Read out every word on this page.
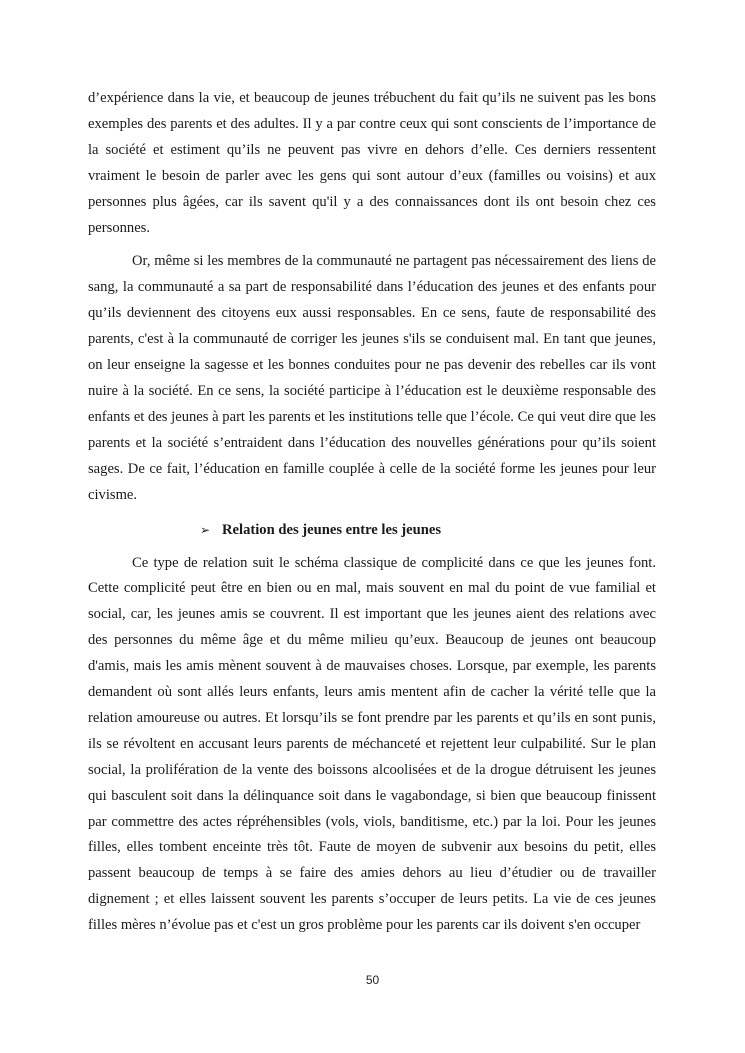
d’expérience dans la vie, et beaucoup de jeunes trébuchent du fait qu’ils ne suivent pas les bons exemples des parents et des adultes. Il y a par contre ceux qui sont conscients de l’importance de la société et estiment qu’ils ne peuvent pas vivre en dehors d’elle. Ces derniers ressentent vraiment le besoin de parler avec les gens qui sont autour d’eux (familles ou voisins) et aux personnes plus âgées, car ils savent qu'il y a des connaissances dont ils ont besoin chez ces personnes.

Or, même si les membres de la communauté ne partagent pas nécessairement des liens de sang, la communauté a sa part de responsabilité dans l’éducation des jeunes et des enfants pour qu’ils deviennent des citoyens eux aussi responsables. En ce sens, faute de responsabilité des parents, c'est à la communauté de corriger les jeunes s'ils se conduisent mal. En tant que jeunes, on leur enseigne la sagesse et les bonnes conduites pour ne pas devenir des rebelles car ils vont nuire à la société. En ce sens, la société participe à l’éducation est le deuxième responsable des enfants et des jeunes à part les parents et les institutions telle que l’école. Ce qui veut dire que les parents et la société s’entraident dans l’éducation des nouvelles générations pour qu’ils soient sages. De ce fait, l’éducation en famille couplée à celle de la société forme les jeunes pour leur civisme.

➢ Relation des jeunes entre les jeunes

Ce type de relation suit le schéma classique de complicité dans ce que les jeunes font. Cette complicité peut être en bien ou en mal, mais souvent en mal du point de vue familial et social, car, les jeunes amis se couvrent. Il est important que les jeunes aient des relations avec des personnes du même âge et du même milieu qu’eux. Beaucoup de jeunes ont beaucoup d'amis, mais les amis mènent souvent à de mauvaises choses. Lorsque, par exemple, les parents demandent où sont allés leurs enfants, leurs amis mentent afin de cacher la vérité telle que la relation amoureuse ou autres. Et lorsqu’ils se font prendre par les parents et qu’ils en sont punis, ils se révoltent en accusant leurs parents de méchanceté et rejettent leur culpabilité. Sur le plan social, la prolifération de la vente des boissons alcoolisées et de la drogue détruisent les jeunes qui basculent soit dans la délinquance soit dans le vagabondage, si bien que beaucoup finissent par commettre des actes répréhensibles (vols, viols, banditisme, etc.) par la loi. Pour les jeunes filles, elles tombent enceinte très tôt. Faute de moyen de subvenir aux besoins du petit, elles passent beaucoup de temps à se faire des amies dehors au lieu d’étudier ou de travailler dignement ; et elles laissent souvent les parents s’occuper de leurs petits. La vie de ces jeunes filles mères n’évolue pas et c'est un gros problème pour les parents car ils doivent s'en occuper

50
